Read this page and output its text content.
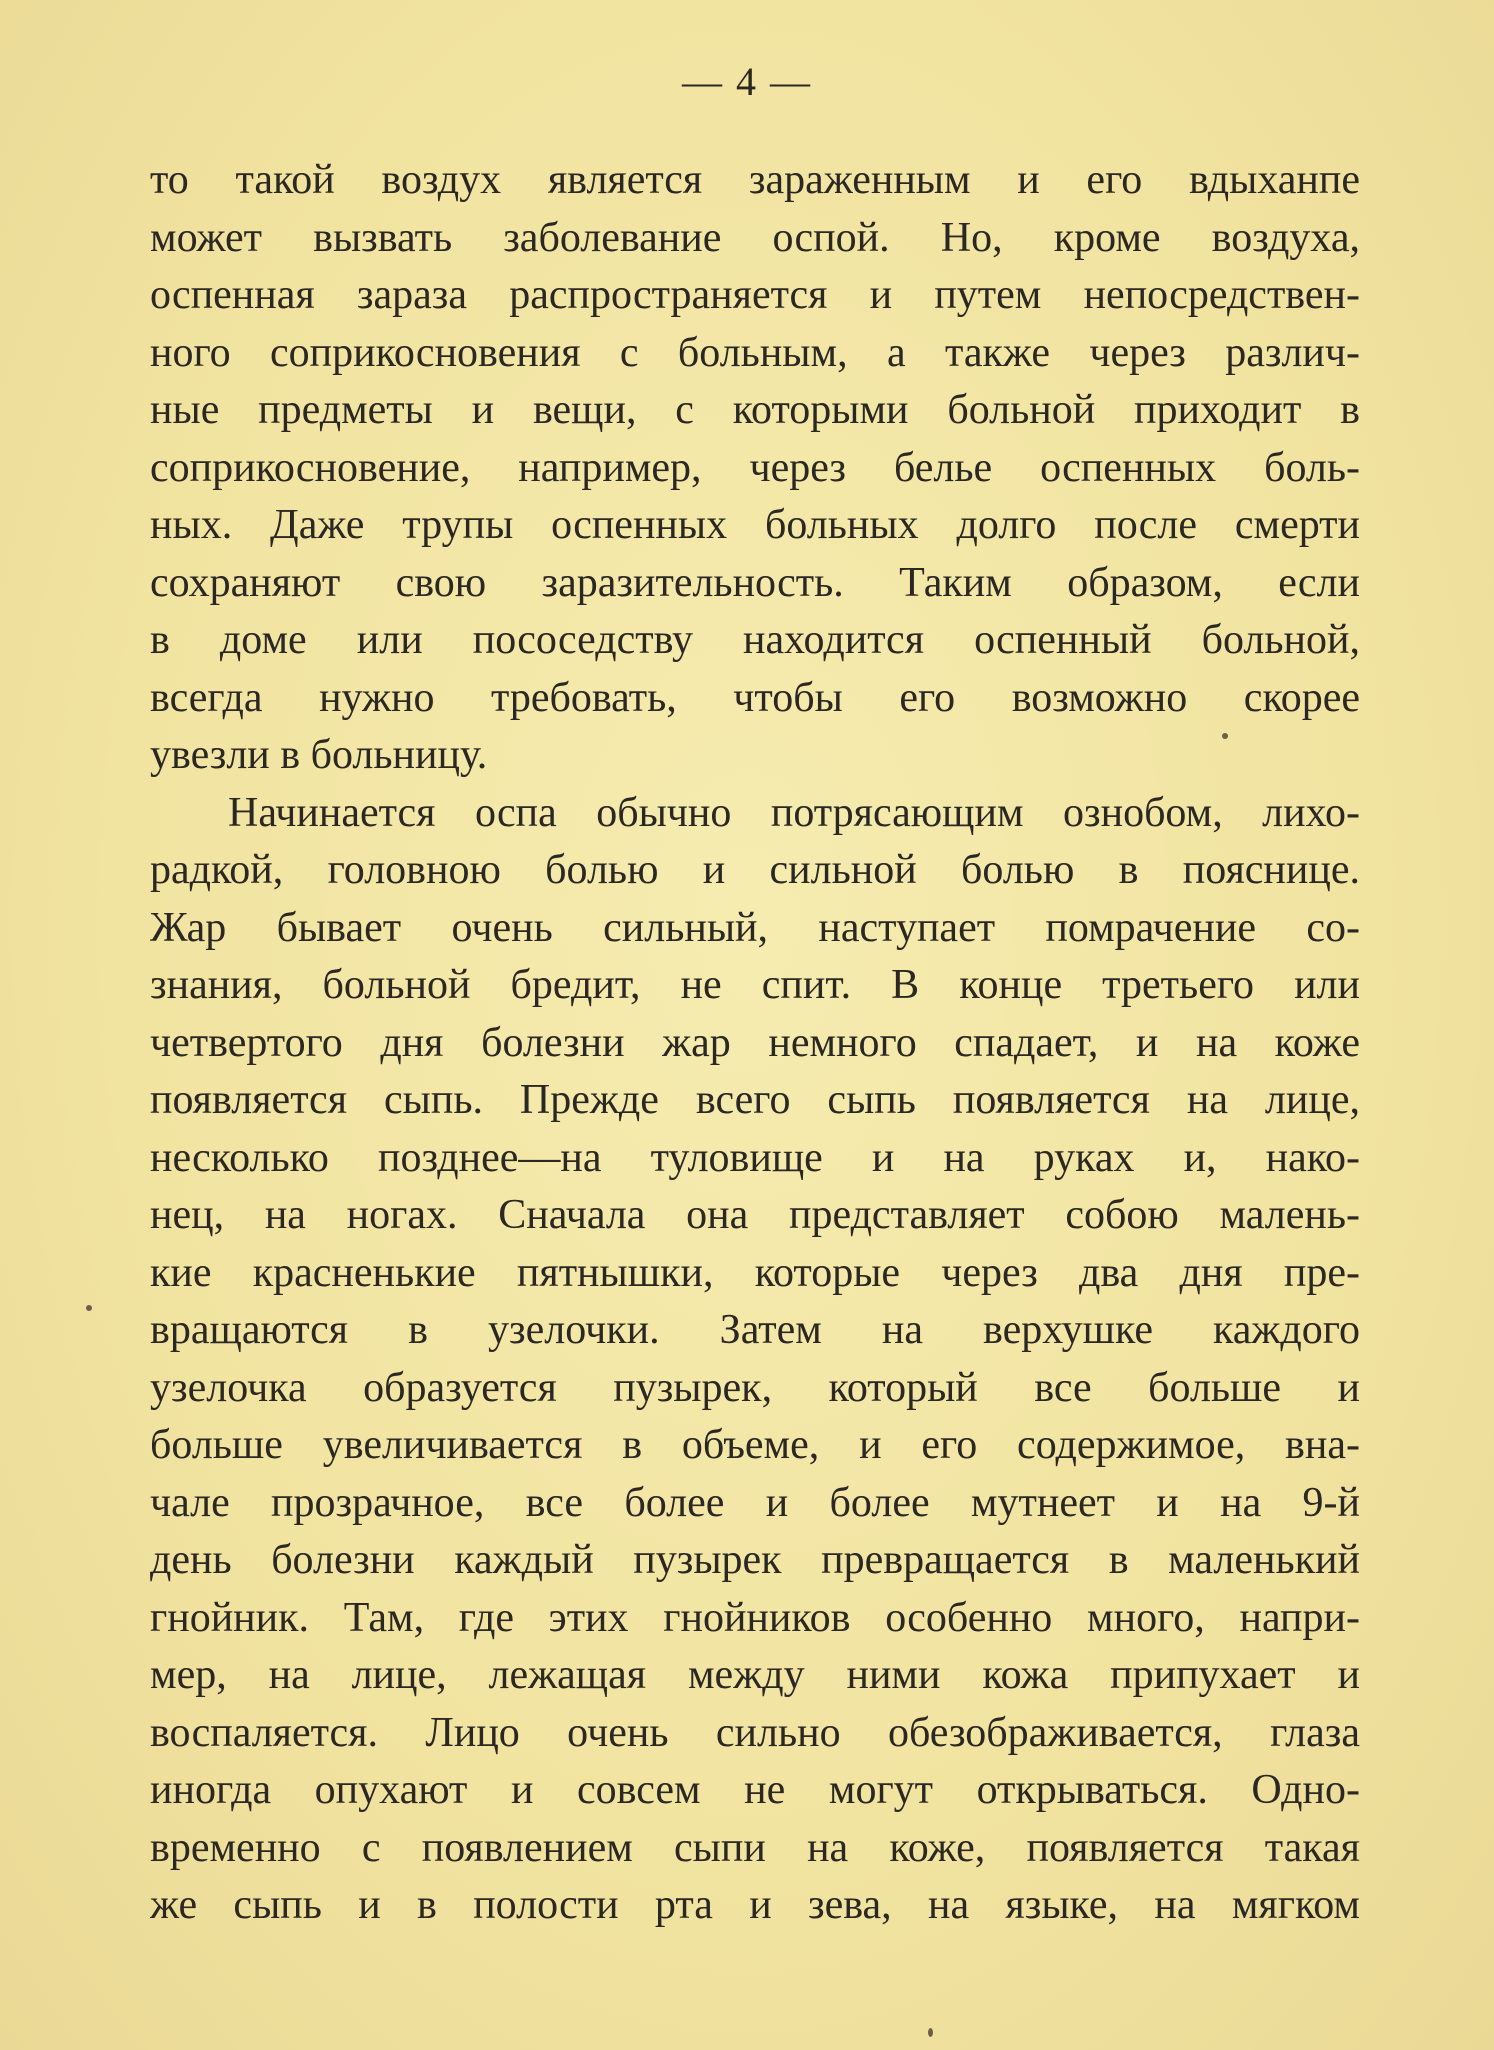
— 4 —
то такой воздух является зараженным и его вдыханпе
может вызвать заболевание оспой. Но, кроме воздуха,
оспенная зараза распространяется и путем непосредствен-
ного соприкосновения с больным, а также через различ-
ные предметы и вещи, с которыми больной приходит в
соприкосновение, например, через белье оспенных боль-
ных. Даже трупы оспенных больных долго после смерти
сохраняют свою заразительность. Таким образом, если
в доме или пососедству находится оспенный больной,
всегда нужно требовать, чтобы его возможно скорее
увезли в больницу.
Начинается оспа обычно потрясающим ознобом, лихо-
радкой, головною болью и сильной болью в пояснице.
Жар бывает очень сильный, наступает помрачение со-
знания, больной бредит, не спит. В конце третьего или
четвертого дня болезни жар немного спадает, и на коже
появляется сыпь. Прежде всего сыпь появляется на лице,
несколько позднее—на туловище и на руках и, нако-
нец, на ногах. Сначала она представляет собою малень-
кие красненькие пятнышки, которые через два дня пре-
вращаются в узелочки. Затем на верхушке каждого
узелочка образуется пузырек, который все больше и
больше увеличивается в объеме, и его содержимое, вна-
чале прозрачное, все более и более мутнеет и на 9-й
день болезни каждый пузырек превращается в маленький
гнойник. Там, где этих гнойников особенно много, напри-
мер, на лице, лежащая между ними кожа припухает и
воспаляется. Лицо очень сильно обезображивается, глаза
иногда опухают и совсем не могут открываться. Одно-
временно с появлением сыпи на коже, появляется такая
же сыпь и в полости рта и зева, на языке, на мягком
